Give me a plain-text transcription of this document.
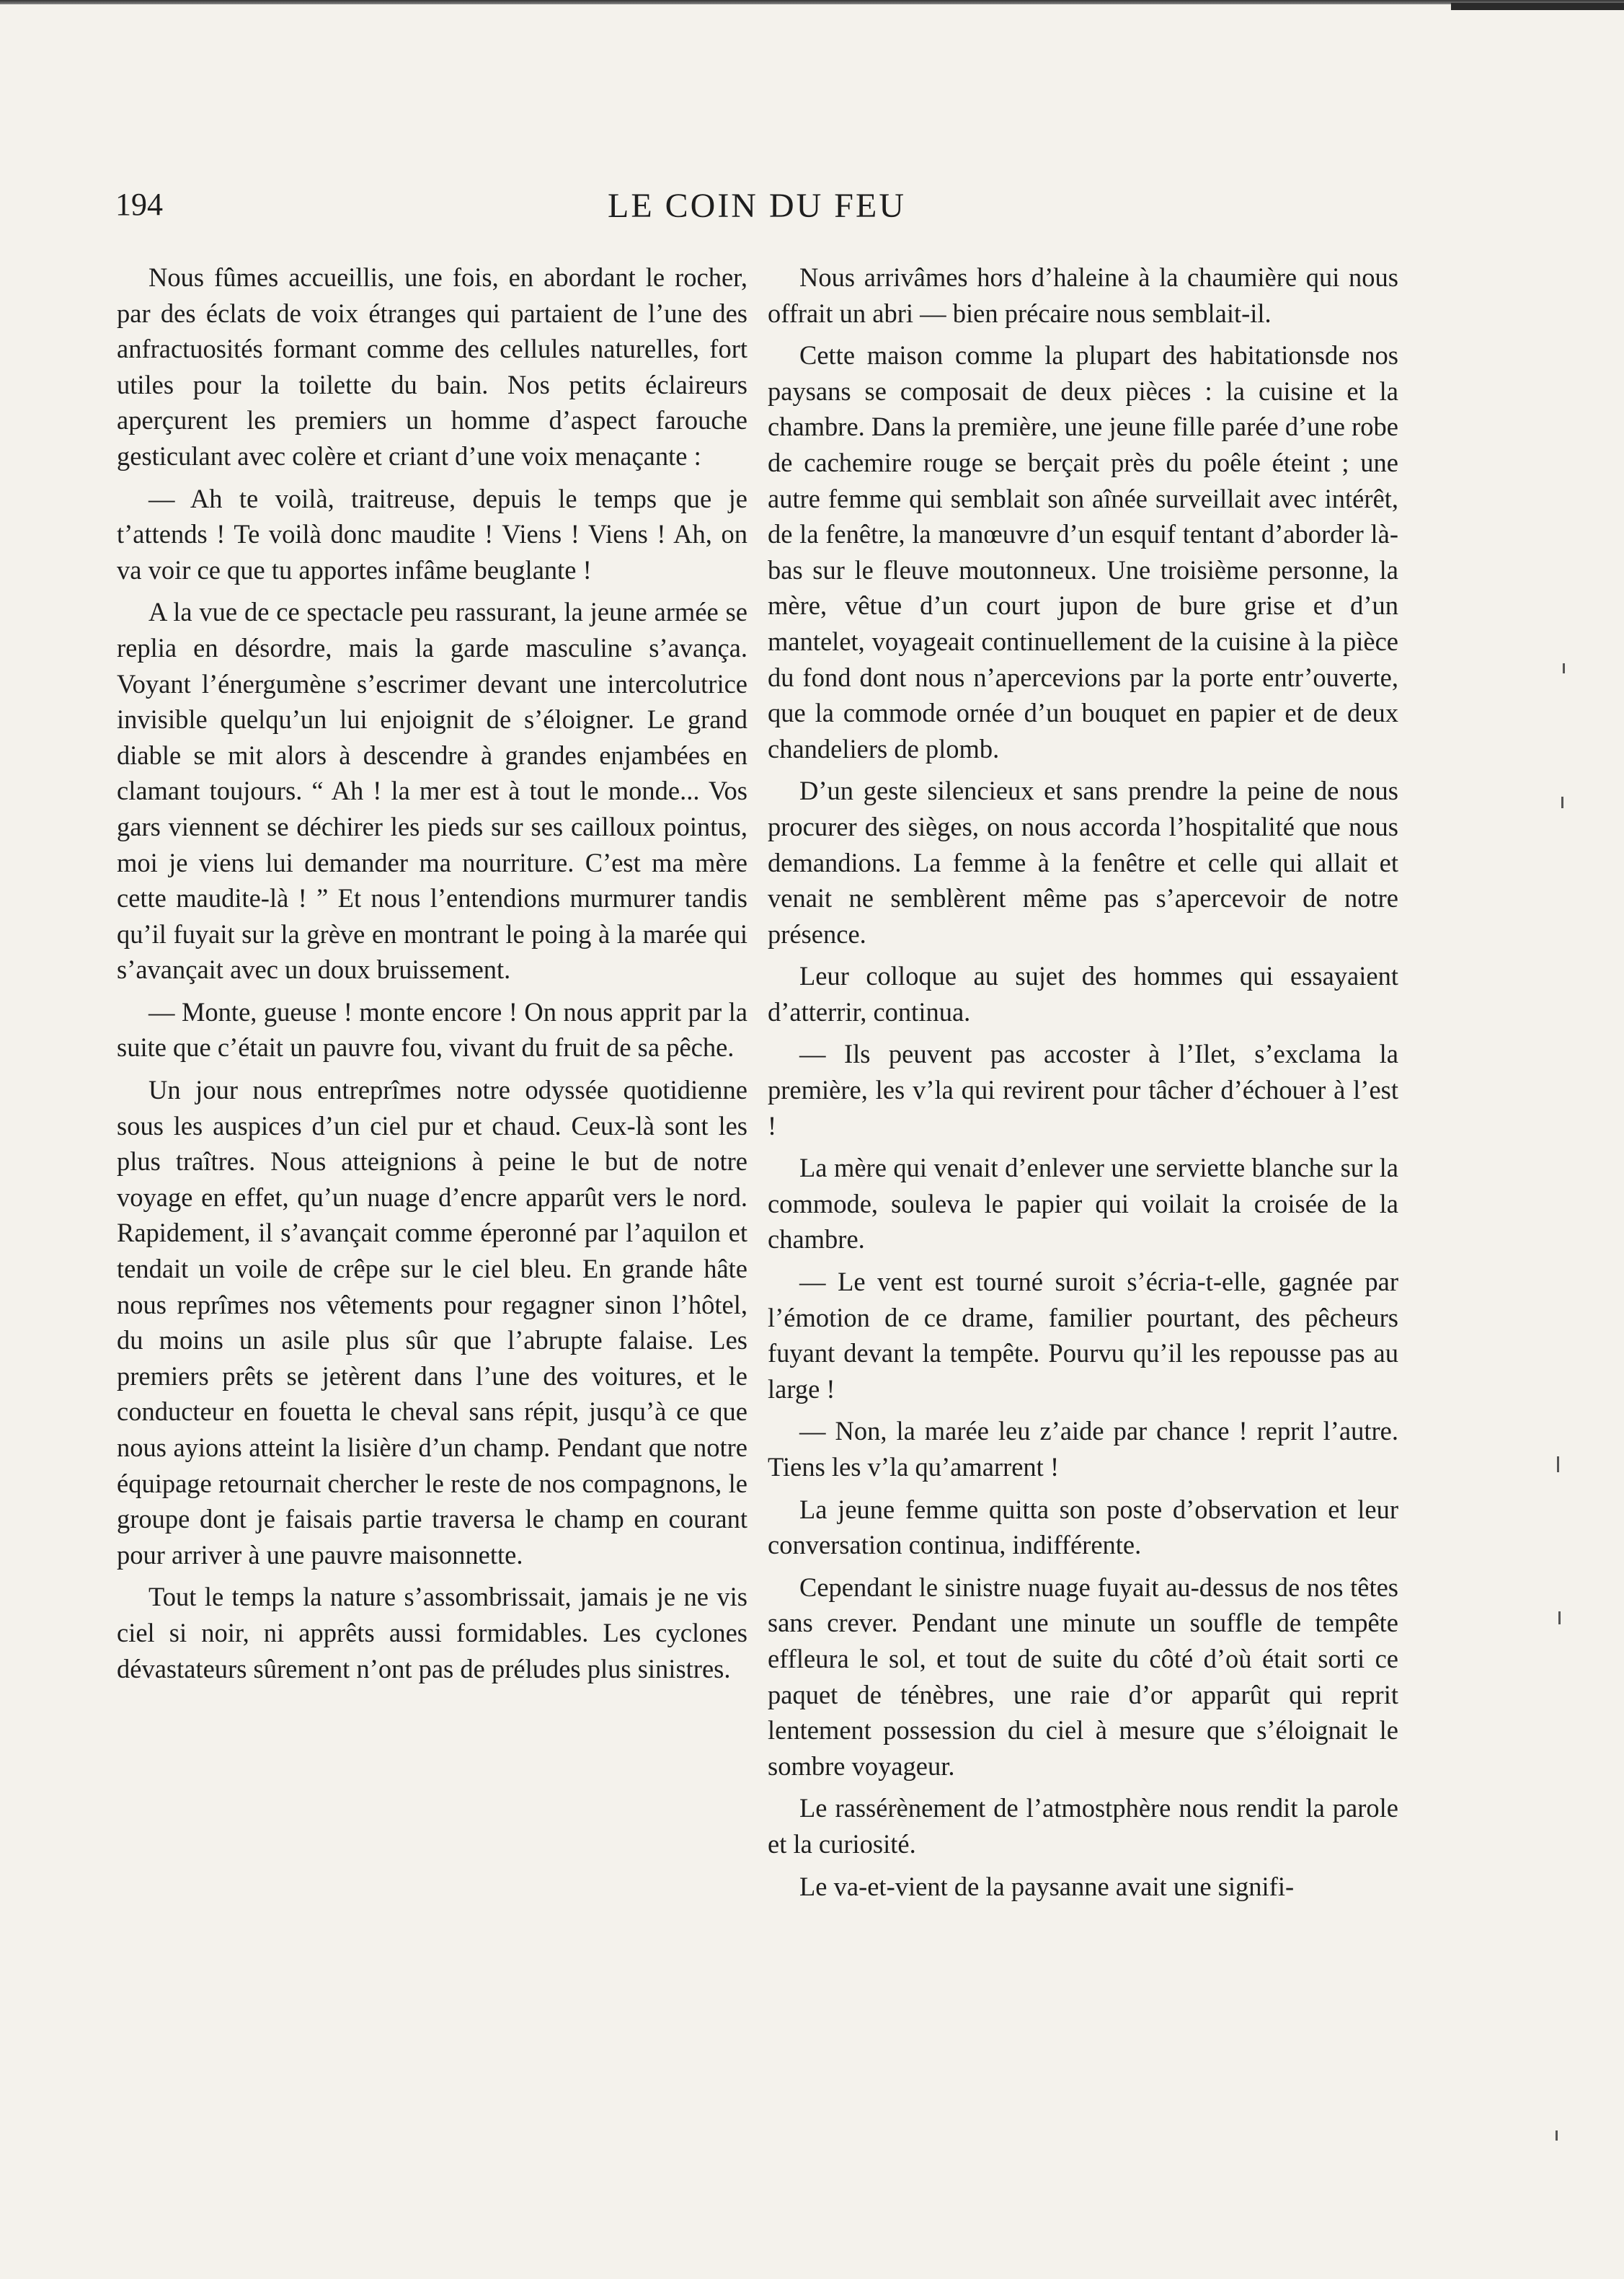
194	LE COIN DU FEU

Nous fûmes accueillis, une fois, en abordant le rocher, par des éclats de voix étranges qui partaient de l’une des anfractuosités formant comme des cellules naturelles, fort utiles pour la toilette du bain. Nos petits éclaireurs aperçurent les premiers un homme d’aspect farouche gesticulant avec colère et criant d’une voix menaçante :

— Ah te voilà, traitreuse, depuis le temps que je t’attends ! Te voilà donc maudite ! Viens ! Viens ! Ah, on va voir ce que tu apportes infâme beuglante !

A la vue de ce spectacle peu rassurant, la jeune armée se replia en désordre, mais la garde masculine s’avança. Voyant l’énergumène s’escrimer devant une intercolutrice invisible quelqu’un lui enjoignit de s’éloigner. Le grand diable se mit alors à descendre à grandes enjambées en clamant toujours. “ Ah ! la mer est à tout le monde... Vos gars viennent se déchirer les pieds sur ses cailloux pointus, moi je viens lui demander ma nourriture. C’est ma mère cette maudite-là ! ” Et nous l’entendions murmurer tandis qu’il fuyait sur la grève en montrant le poing à la marée qui s’avançait avec un doux bruissement.

— Monte, gueuse ! monte encore ! On nous apprit par la suite que c’était un pauvre fou, vivant du fruit de sa pêche.

Un jour nous entreprîmes notre odyssée quotidienne sous les auspices d’un ciel pur et chaud. Ceux-là sont les plus traîtres. Nous atteignions à peine le but de notre voyage en effet, qu’un nuage d’encre apparût vers le nord. Rapidement, il s’avançait comme éperonné par l’aquilon et tendait un voile de crêpe sur le ciel bleu. En grande hâte nous reprîmes nos vêtements pour regagner sinon l’hôtel, du moins un asile plus sûr que l’abrupte falaise. Les premiers prêts se jetèrent dans l’une des voitures, et le conducteur en fouetta le cheval sans répit, jusqu’à ce que nous ayions atteint la lisière d’un champ. Pendant que notre équipage retournait chercher le reste de nos compagnons, le groupe dont je faisais partie traversa le champ en courant pour arriver à une pauvre maisonnette.

Tout le temps la nature s’assombrissait, jamais je ne vis ciel si noir, ni apprêts aussi formidables. Les cyclones dévastateurs sûrement n’ont pas de préludes plus sinistres.

Nous arrivâmes hors d’haleine à la chaumière qui nous offrait un abri — bien précaire nous semblait-il.

Cette maison comme la plupart des habitationsde nos paysans se composait de deux pièces : la cuisine et la chambre. Dans la première, une jeune fille parée d’une robe de cachemire rouge se berçait près du poêle éteint ; une autre femme qui semblait son aînée surveillait avec intérêt, de la fenêtre, la manœuvre d’un esquif tentant d’aborder là-bas sur le fleuve moutonneux. Une troisième personne, la mère, vêtue d’un court jupon de bure grise et d’un mantelet, voyageait continuellement de la cuisine à la pièce du fond dont nous n’apercevions par la porte entr’ouverte, que la commode ornée d’un bouquet en papier et de deux chandeliers de plomb.

D’un geste silencieux et sans prendre la peine de nous procurer des sièges, on nous accorda l’hospitalité que nous demandions. La femme à la fenêtre et celle qui allait et venait ne semblèrent même pas s’apercevoir de notre présence.

Leur colloque au sujet des hommes qui essayaient d’atterrir, continua.

— Ils peuvent pas accoster à l’Ilet, s’exclama la première, les v’la qui revirent pour tâcher d’échouer à l’est !

La mère qui venait d’enlever une serviette blanche sur la commode, souleva le papier qui voilait la croisée de la chambre.

— Le vent est tourné suroit s’écria-t-elle, gagnée par l’émotion de ce drame, familier pourtant, des pêcheurs fuyant devant la tempête. Pourvu qu’il les repousse pas au large !

— Non, la marée leu z’aide par chance ! reprit l’autre. Tiens les v’la qu’amarrent !

La jeune femme quitta son poste d’observation et leur conversation continua, indifférente.

Cependant le sinistre nuage fuyait au-dessus de nos têtes sans crever. Pendant une minute un souffle de tempête effleura le sol, et tout de suite du côté d’où était sorti ce paquet de ténèbres, une raie d’or apparût qui reprit lentement possession du ciel à mesure que s’éloignait le sombre voyageur.

Le rassérènement de l’atmostphère nous rendit la parole et la curiosité.

Le va-et-vient de la paysanne avait une signifi-
